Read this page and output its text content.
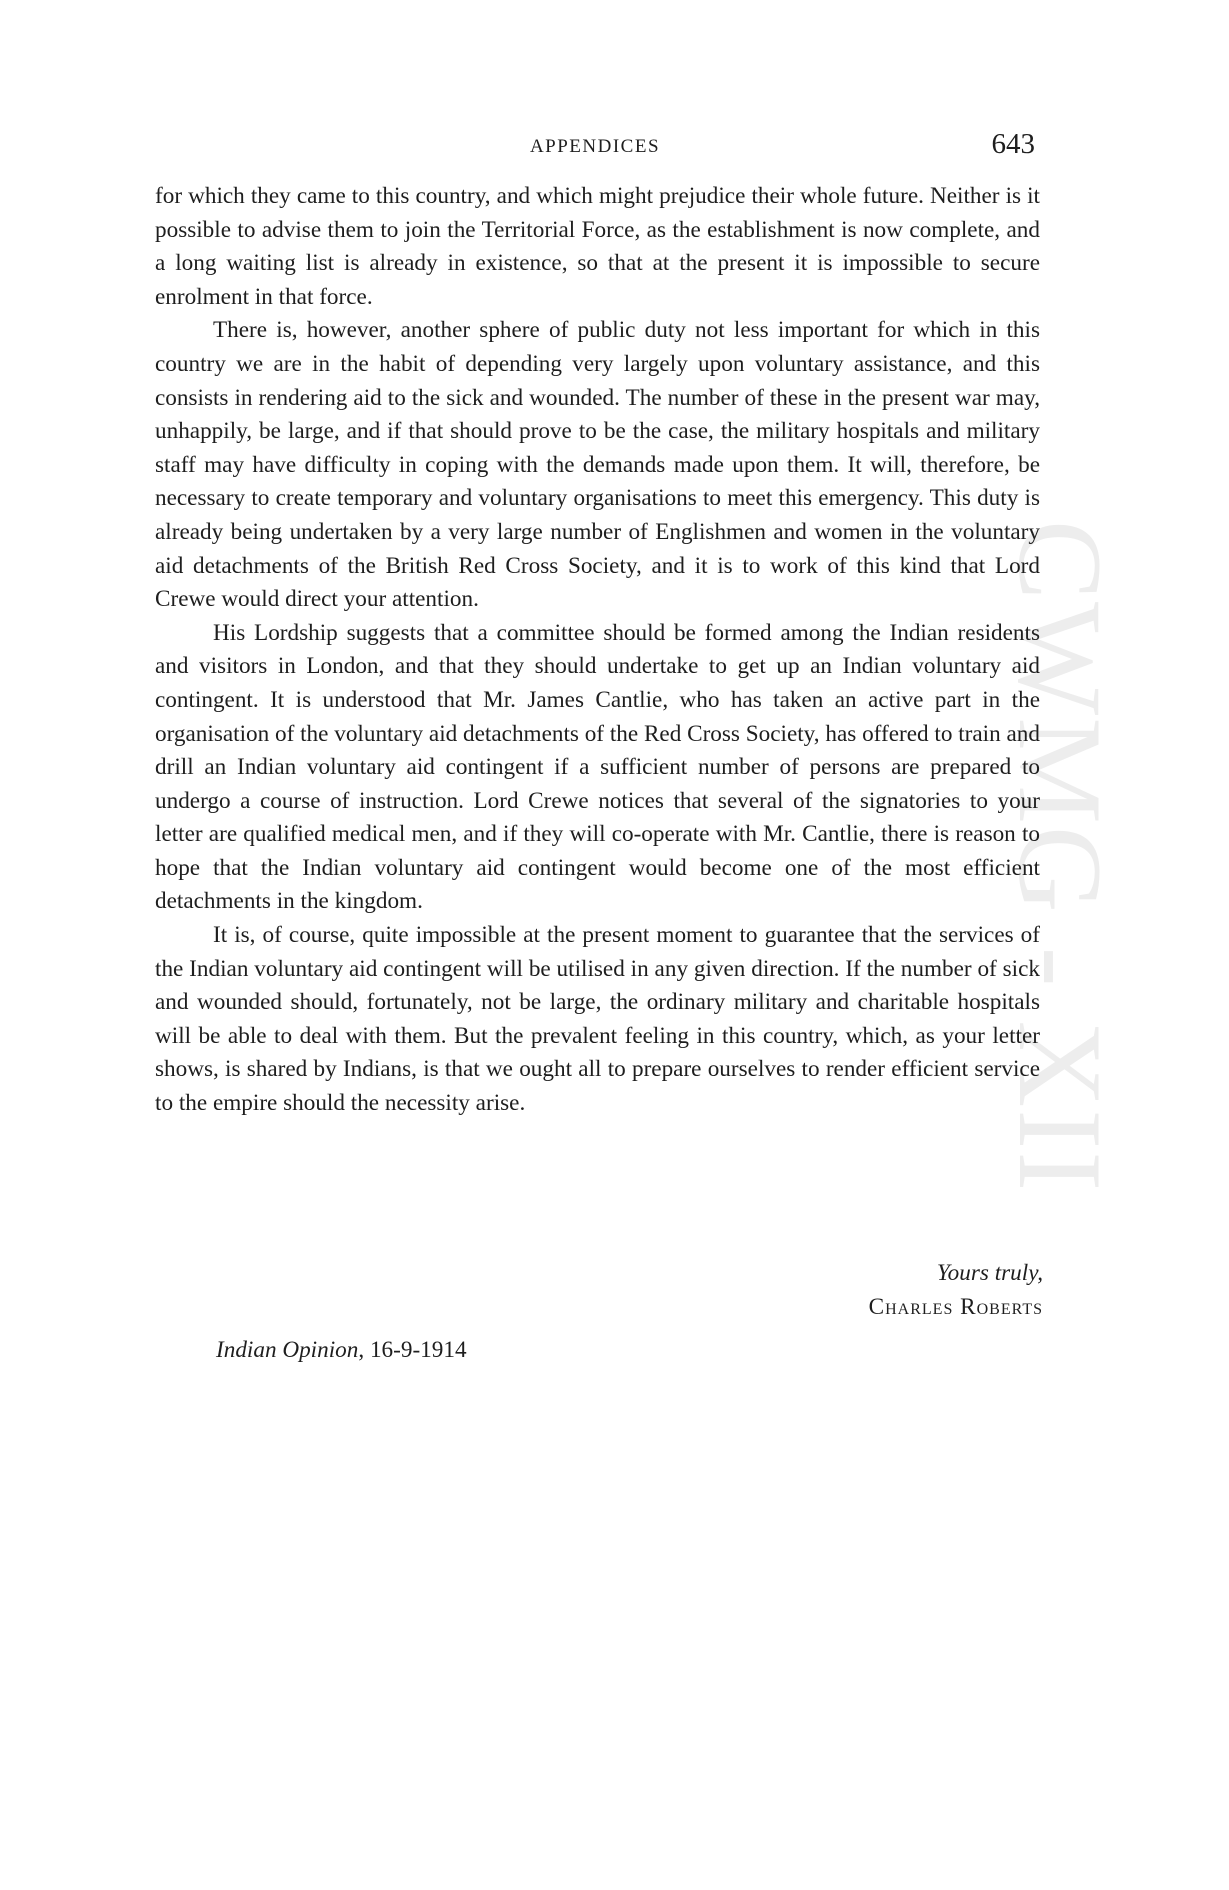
APPENDICES	643
CWMG - XII

for which they came to this country, and which might prejudice their whole future. Neither is it possible to advise them to join the Territorial Force, as the establishment is now complete, and a long waiting list is already in existence, so that at the present it is impossible to secure enrolment in that force.

There is, however, another sphere of public duty not less important for which in this country we are in the habit of depending very largely upon voluntary assistance, and this consists in rendering aid to the sick and wounded. The number of these in the present war may, unhappily, be large, and if that should prove to be the case, the military hospitals and military staff may have difficulty in coping with the demands made upon them. It will, therefore, be necessary to create temporary and voluntary organisations to meet this emergency. This duty is already being undertaken by a very large number of Englishmen and women in the voluntary aid detachments of the British Red Cross Society, and it is to work of this kind that Lord Crewe would direct your attention.

His Lordship suggests that a committee should be formed among the Indian residents and visitors in London, and that they should undertake to get up an Indian voluntary aid contingent. It is understood that Mr. James Cantlie, who has taken an active part in the organisation of the voluntary aid detachments of the Red Cross Society, has offered to train and drill an Indian voluntary aid contingent if a sufficient number of persons are prepared to undergo a course of instruction. Lord Crewe notices that several of the signatories to your letter are qualified medical men, and if they will co-operate with Mr. Cantlie, there is reason to hope that the Indian voluntary aid contingent would become one of the most efficient detachments in the kingdom.

It is, of course, quite impossible at the present moment to guarantee that the services of the Indian voluntary aid contingent will be utilised in any given direction. If the number of sick and wounded should, fortunately, not be large, the ordinary military and charitable hospitals will be able to deal with them. But the prevalent feeling in this country, which, as your letter shows, is shared by Indians, is that we ought all to prepare ourselves to render efficient service to the empire should the necessity arise.

Yours truly,
Charles Roberts
Indian Opinion, 16-9-1914
